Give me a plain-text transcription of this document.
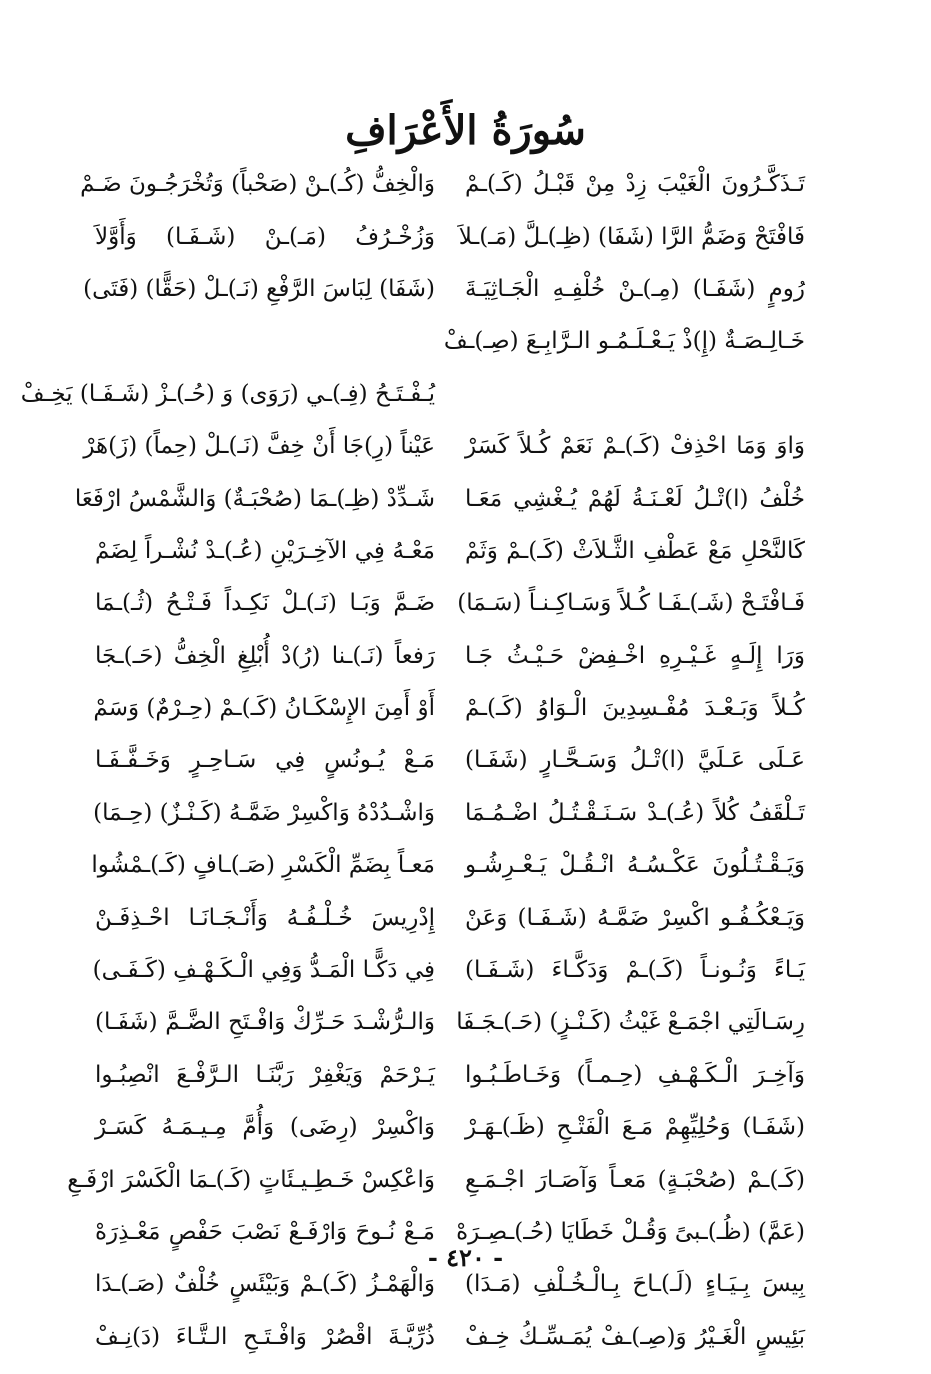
سُورَةُ الأَعْرَافِ
تَـذَكَّـرُونَ الْغَيْبَ زِدْ مِنْ قَبْـلُ (كَـ)ـمْ
وَالْخِفُّ (كُـ)ـنْ (صَحْباً) وَتُخْرَجُـونَ ضَـمْ
فَافْتَحْ وَضَمُّ الرَّا (شَفَا) (ظِـ)ـلَّ (مَـ)ـلاَ
وَزُخْـرُفُ (مَـ)ـنْ (شَـفَـا) وَأَوَّلاَ
رُومٍ (شَفَـا) (مِـ)ـنْ خُلْفِـهِ الْجَـاثِيَـةَ
(شَفَا) لِبَاسَ الرَّفْعِ (نَـ)ـلْ (حَقًّا) (فَتَى)
خَـالِـصَـةٌ (إِ)ذْ يَـعْـلَـمُـو الـرَّابِـعَ (صِـ)ـفْ
يُـفْـتَـحُ (فِـ)ـي (رَوَى) وَ (حُـ)ـزْ (شَـفَـا) يَخِـفْ
وَاوَ وَمَا احْذِفْ (كَـ)ـمْ نَعَمْ كُـلاً كَسَرْ
عَيْناً (رِ)جَا أَنْ خِفَّ (نَـ)ـلْ (حِماً) (زَ)هَرْ
خُلْفُ (ا)تْـلُ لَعْـنَـةُ لَهُمْ يُـغْشِي مَعَـا
شَـدِّدْ (ظِـ)ـمَا (صُحْبَـةٌ) وَالشَّمْسُ ارْفَعَا
كَالنَّحْلِ مَعْ عَطْفِ الثَّـلاَثْ (كَـ)ـمْ وَثَمْ
مَعْـهُ فِي الآخِـرَيْنِ (عُـ)ـدْ نُشْـراً لِضَمْ
فَـافْتَـحْ (شَـ)ـفَـا كُـلاً وَسَـاكِـنـاً (سَـمَا)
ضَـمَّ وَبَـا (نَـ)ـلْ نَكِـداً فَـتْـحُ (ثُـ)ـمَا
وَرَا إِلَـهٍ غَـيْـرِهِ اخْـفِضْ حَـيْـثُ جَـا
رَفعاً (نَـ)ـنا (رُ)دْ أُبْلِغِ الْخِفُّ (حَـ)ـجَا
كُـلاً وَبَـعْـدَ مُفْـسِدِينَ الْـوَاوُ (كَـ)ـمْ
أَوْ أَمِنَ الإِسْكَـانُ (كَـ)ـمْ (حِـرْمٌ) وَسَمْ
عَـلَى عَـلَيَّ (ا)تْـلُ وَسَـحَّـارٍ (شَفَـا)
مَـعْ يُـونُسٍ فِي سَـاحِـرٍ وَخَـفَّـفَـا
تَـلْقَفُ كُلاً (عُـ)ـدْ سَـنَـقْـتُـلُ اضْـمُـمَا
وَاشْـدُدْهُ وَاكْسِرْ ضَمَّـهُ (كَـنْـزٌ) (حِـمَا)
وَيَـقْـتُـلُونَ عَكْـسُـهُ انْـقُـلْ يَـعْـرِشُـو
مَعـاً بِضَمِّ الْكَسْرِ (صَـ)ـافٍ (كَـ)ـمْشُوا
وَيَـعْكُـفُـو اكْسِرْ ضَمَّـهُ (شَـفَـا) وَعَنْ
إِدْرِيسَ خُـلْـفُـهُ وَأَنْـجَـانَـا احْـذِفَـنْ
يَـاءً وَنُـونـاً (كَـ)ـمْ وَدَكَّـاءَ (شَـفَـا)
فِي دَكًّـا الْمَـدُّ وَفِي الْـكَـهْـفِ (كَـفَـى)
رِسَـالَتِي اجْمَـعْ غَيْثُ (كَـنْـزٍ) (حَـ)ـجَـفَا
وَالـرُّشْـدَ حَـرِّكْ وَافْـتَحِ الضَّـمَّ (شَفَـا)
وَآخِـرَ الْـكَـهْـفِ (حِـمـاً) وَخَـاطَـبُـوا
يَـرْحَمْ وَيَغْفِرْ رَبَّنَـا الـرَّفْـعَ انْصِبُـوا
(شَفَـا) وَحُلِيِّهِمْ مَـعَ الْفَتْـحِ (ظَـ)ـهَـرْ
وَاكْسِرْ (رِضَى) وَأُمَّ مِـيـمَـهُ كَسَـرْ
(كَـ)ـمْ (صُحْبَـةٍ) مَعـاً وَآصَـارَ اجْـمَـعِ
وَاعْكِسْ خَـطِـيـئَاتٍ (كَـ)ـمَا الْكَسْرَ ارْفَـعِ
(عَمَّ) (ظُـ)ـبىً وَقُـلْ خَطَايَا (حُـ)ـصِـرَهْ
مَـعْ نُـوحَ وَارْفَـعْ نَصْبَ حَفْصٍ مَعْـذِرَهْ
بِيسَ بِـيَـاءٍ (لَـ)ـاحَ بِـالْـخُـلْفِ (مَـدَا)
وَالْهَمْـزُ (كَـ)ـمْ وَبَيْئَسٍ خُلْفٌ (صَـ)ـدَا
بَئِيسٍ الْغَـيْرُ وَ(صِـ)ـفْ يُمَـسِّـكُ خِـفْ
ذُرِّيَّـةَ اقْصُرْ وَافْـتَـحِ الـتَّـاءَ (دَ)نِـفْ
- ٤٢٠ -
